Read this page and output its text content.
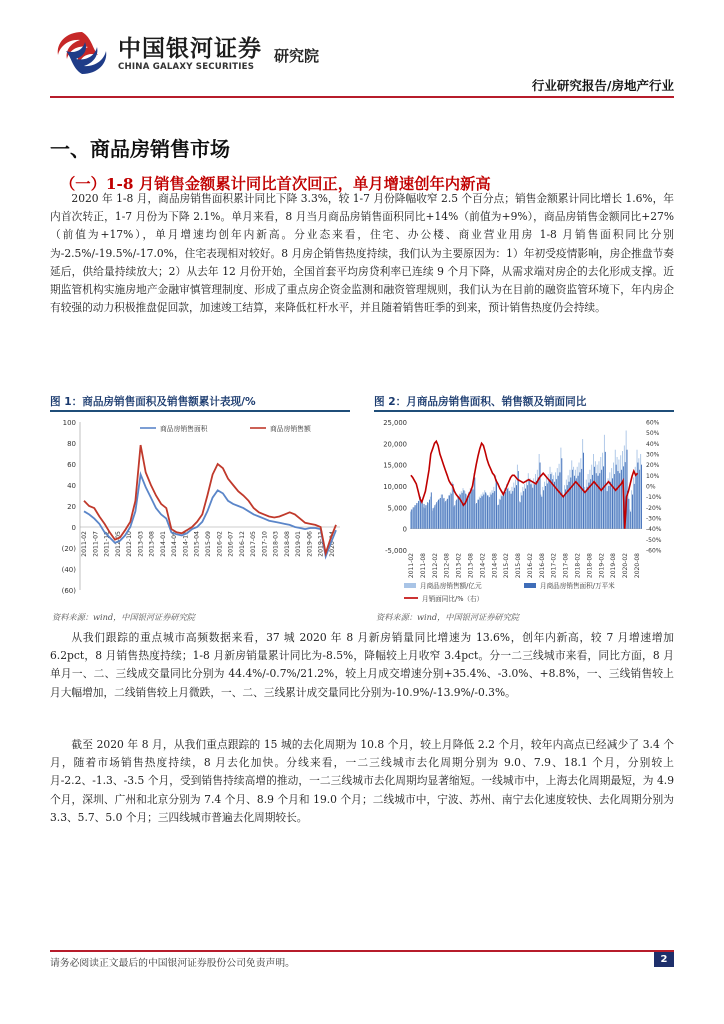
中国银河证券
CHINA GALAXY SECURITIES
研究院
行业研究报告/房地产行业
一、商品房销售市场
（一）1-8 月销售金额累计同比首次回正，单月增速创年内新高

2020 年 1-8 月，商品房销售面积累计同比下降 3.3%，较 1-7 月份降幅收窄 2.5 个百分点；销售金额累计同比增长 1.6%，年内首次转正，1-7 月份为下降 2.1%。单月来看，8 月当月商品房销售面积同比+14%（前值为+9%），商品房销售金额同比+27%（前值为+17%），单月增速均创年内新高。分业态来看，住宅、办公楼、商业营业用房 1-8 月销售面积同比分别为-2.5%/-19.5%/-17.0%，住宅表现相对较好。8 月房企销售热度持续，我们认为主要原因为：1）年初受疫情影响，房企推盘节奏延后，供给量持续放大；2）从去年 12 月份开始，全国首套平均房贷利率已连续 9 个月下降，从需求端对房企的去化形成支撑。近期监管机构实施房地产金融审慎管理制度、形成了重点房企资金监测和融资管理规则，我们认为在目前的融资监管环境下，年内房企有较强的动力积极推盘促回款，加速竣工结算，来降低杠杆水平，并且随着销售旺季的到来，预计销售热度仍会持续。

图 1：商品房销售面积及销售额累计表现/%
100
80
60
40
20
0
(20)
(40)
(60)
商品房销售面积	商品房销售额
2011-02 2011-07 2011-12 2012-05 2012-10 2013-03 2013-08 2014-01 2014-06 2014-11 2015-04 2015-09 2016-02 2016-07 2016-12 2017-05 2017-10 2018-03 2018-08 2019-01 2019-06 2019-11 2020-04
资料来源：wind，中国银河证券研究院
图 2：月商品房销售面积、销售额及销面同比
25,000
20,000
15,000
10,000
5,000
0
-5,000
60%
50%
40%
30%
20%
10%
0%
-10%
-20%
-30%
-40%
-50%
-60%
2011-02 2011-08 2012-02 2012-08 2013-02 2013-08 2014-02 2014-08 2015-02 2015-08 2016-02 2016-08 2017-02 2017-08 2018-02 2018-08 2019-02 2019-08 2020-02 2020-08
月商品房销售额/亿元	月商品房销售面积/万平米
月销面同比/%（右）
资料来源：wind，中国银河证券研究院

从我们跟踪的重点城市高频数据来看，37 城 2020 年 8 月新房销量同比增速为 13.6%，创年内新高，较 7 月增速增加 6.2pct，8 月销售热度持续；1-8 月新房销量累计同比为-8.5%，降幅较上月收窄 3.4pct。分一二三线城市来看，同比方面，8 月单月一、二、三线成交量同比分别为 44.4%/-0.7%/21.2%，较上月成交增速分别+35.4%、-3.0%、+8.8%，一、三线销售较上月大幅增加，二线销售较上月微跌，一、二、三线累计成交量同比分别为-10.9%/-13.9%/-0.3%。

截至 2020 年 8 月，从我们重点跟踪的 15 城的去化周期为 10.8 个月，较上月降低 2.2 个月，较年内高点已经减少了 3.4 个月，随着市场销售热度持续，8 月去化加快。分线来看，一二三线城市去化周期分别为 9.0、7.9、18.1 个月，分别较上月-2.2、-1.3、-3.5 个月，受到销售持续高增的推动，一二三线城市去化周期均显著缩短。一线城市中，上海去化周期最短，为 4.9 个月，深圳、广州和北京分别为 7.4 个月、8.9 个月和 19.0 个月；二线城市中，宁波、苏州、南宁去化速度较快、去化周期分别为 3.3、5.7、5.0 个月；三四线城市普遍去化周期较长。

请务必阅读正文最后的中国银河证券股份公司免责声明。	2
